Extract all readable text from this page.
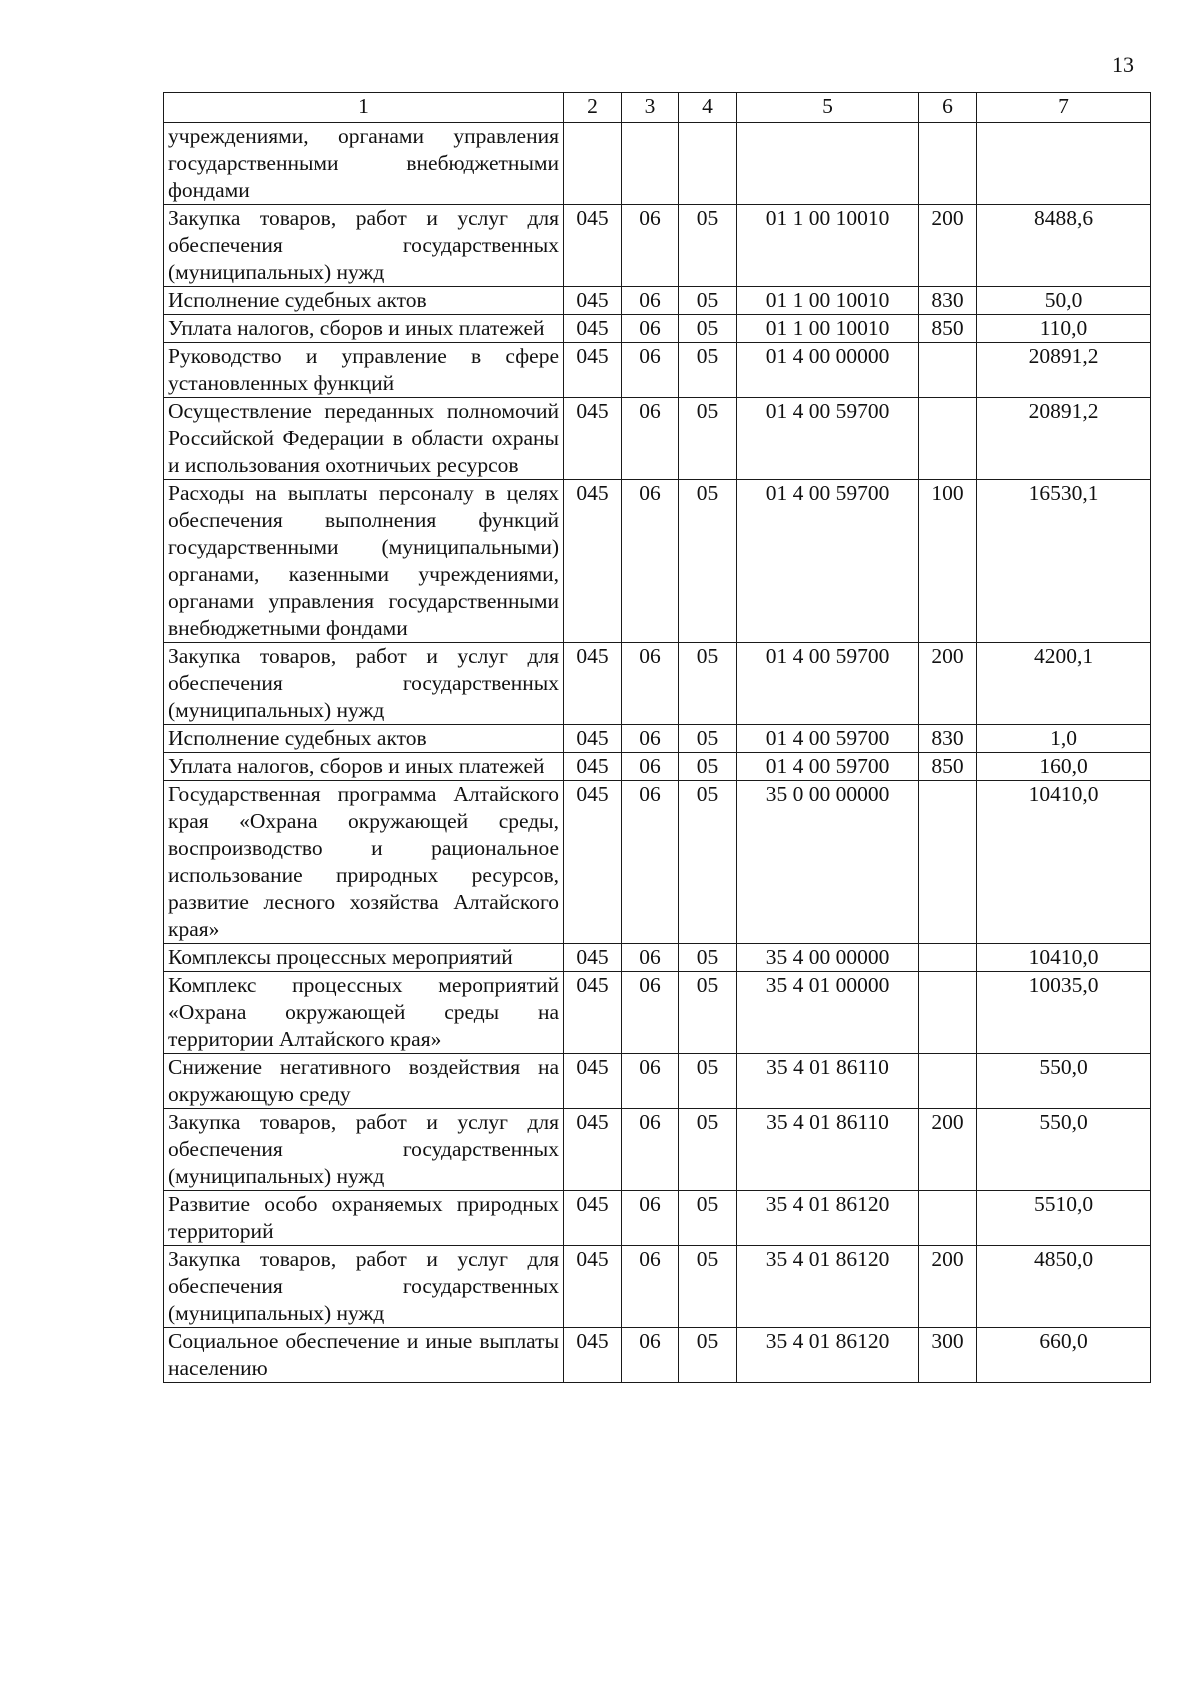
13
1	2	3	4	5	6	7
учреждениями, органами управления государственными внебюджетными фондами						
Закупка товаров, работ и услуг для обеспечения государственных (муниципальных) нужд	045	06	05	01 1 00 10010	200	8488,6
Исполнение судебных актов	045	06	05	01 1 00 10010	830	50,0
Уплата налогов, сборов и иных платежей	045	06	05	01 1 00 10010	850	110,0
Руководство и управление в сфере установленных функций	045	06	05	01 4 00 00000		20891,2
Осуществление переданных полномочий Российской Федерации в области охраны и использования охотничьих ресурсов	045	06	05	01 4 00 59700		20891,2
Расходы на выплаты персоналу в целях обеспечения выполнения функций государственными (муниципальными) органами, казенными учреждениями, органами управления государственными внебюджетными фондами	045	06	05	01 4 00 59700	100	16530,1
Закупка товаров, работ и услуг для обеспечения государственных (муниципальных) нужд	045	06	05	01 4 00 59700	200	4200,1
Исполнение судебных актов	045	06	05	01 4 00 59700	830	1,0
Уплата налогов, сборов и иных платежей	045	06	05	01 4 00 59700	850	160,0
Государственная программа Алтайского края «Охрана окружающей среды, воспроизводство и рациональное использование природных ресурсов, развитие лесного хозяйства Алтайского края»	045	06	05	35 0 00 00000		10410,0
Комплексы процессных мероприятий	045	06	05	35 4 00 00000		10410,0
Комплекс процессных мероприятий «Охрана окружающей среды на территории Алтайского края»	045	06	05	35 4 01 00000		10035,0
Снижение негативного воздействия на окружающую среду	045	06	05	35 4 01 86110		550,0
Закупка товаров, работ и услуг для обеспечения государственных (муниципальных) нужд	045	06	05	35 4 01 86110	200	550,0
Развитие особо охраняемых природных территорий	045	06	05	35 4 01 86120		5510,0
Закупка товаров, работ и услуг для обеспечения государственных (муниципальных) нужд	045	06	05	35 4 01 86120	200	4850,0
Социальное обеспечение и иные выплаты населению	045	06	05	35 4 01 86120	300	660,0
